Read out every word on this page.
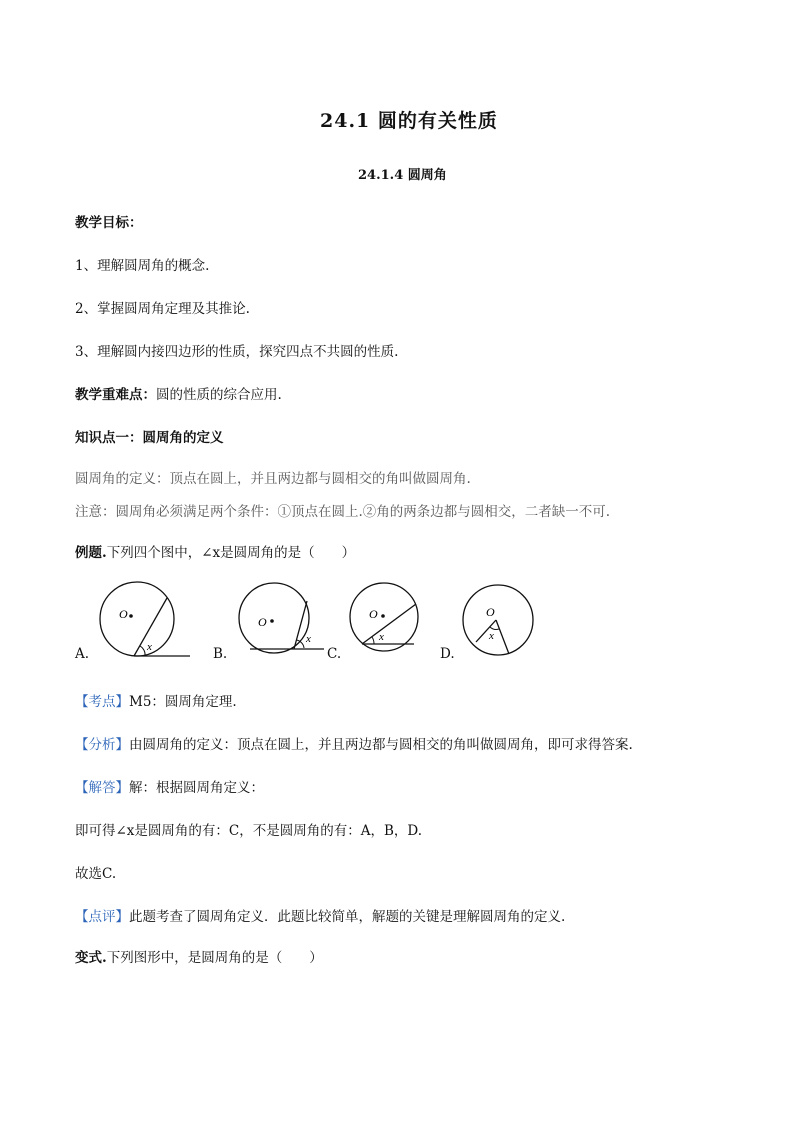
24.1 圆的有关性质
24.1.4 圆周角
教学目标：
1、理解圆周角的概念.
2、掌握圆周角定理及其推论.
3、理解圆内接四边形的性质，探究四点不共圆的性质.
教学重难点：圆的性质的综合应用.
知识点一：圆周角的定义
圆周角的定义：顶点在圆上，并且两边都与圆相交的角叫做圆周角.
注意：圆周角必须满足两个条件：①顶点在圆上.②角的两条边都与圆相交，二者缺一不可.
例题.下列四个图中，∠x是圆周角的是（　　）
O
x
A.
O
x
B.
O
x
C.
O
x
D.
【考点】M5：圆周角定理.
【分析】由圆周角的定义：顶点在圆上，并且两边都与圆相交的角叫做圆周角，即可求得答案.
【解答】解：根据圆周角定义：
即可得∠x是圆周角的有：C，不是圆周角的有：A，B，D.
故选C.
【点评】此题考查了圆周角定义．此题比较简单，解题的关键是理解圆周角的定义.
变式.下列图形中，是圆周角的是（　　）
